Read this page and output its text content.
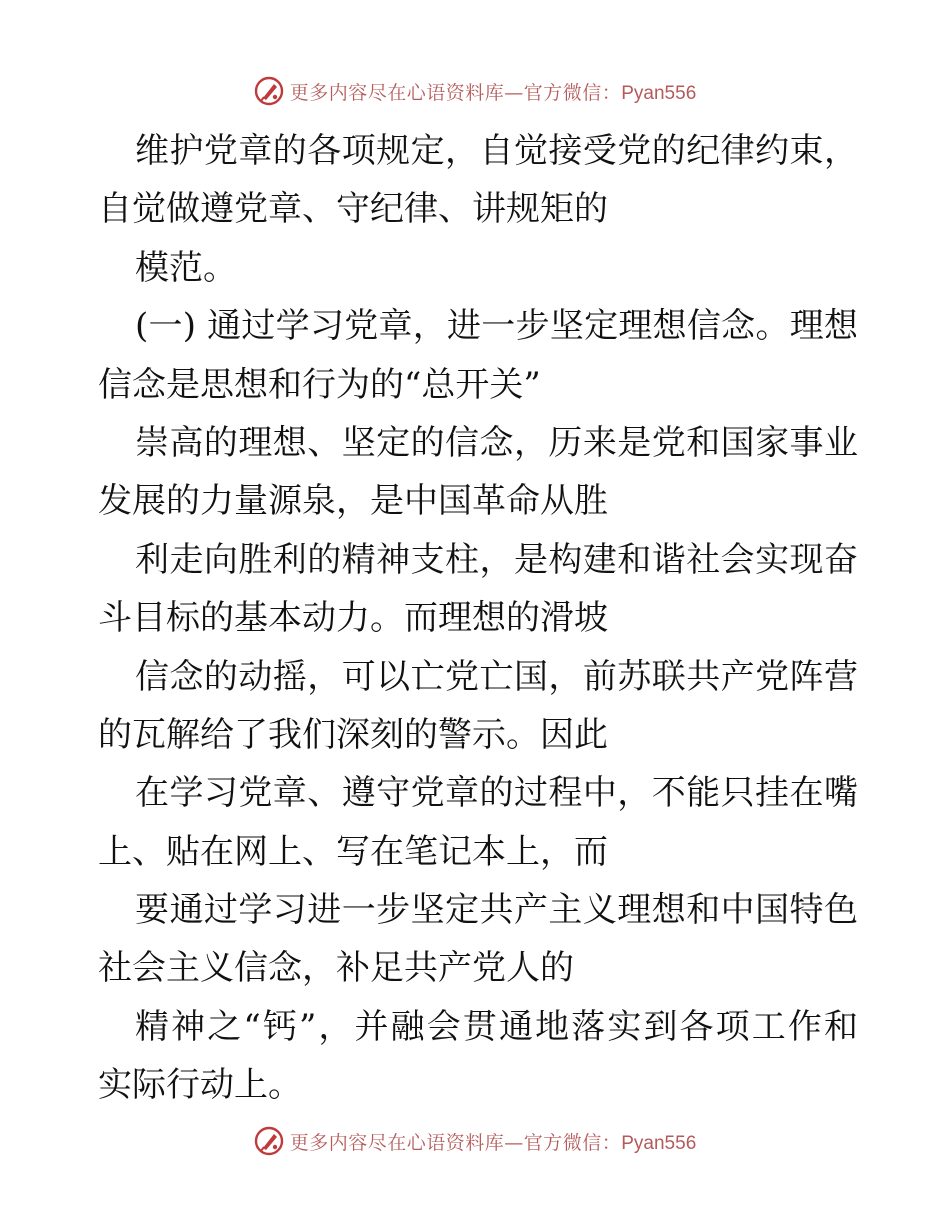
更多内容尽在心语资料库—官方微信：Pyan556
维护党章的各项规定，自觉接受党的纪律约束，
自觉做遵党章、守纪律、讲规矩的
模范。
(一) 通过学习党章，进一步坚定理想信念。理想
信念是思想和行为的“总开关”
崇高的理想、坚定的信念，历来是党和国家事业
发展的力量源泉，是中国革命从胜
利走向胜利的精神支柱，是构建和谐社会实现奋
斗目标的基本动力。而理想的滑坡
信念的动摇，可以亡党亡国，前苏联共产党阵营
的瓦解给了我们深刻的警示。因此
在学习党章、遵守党章的过程中，不能只挂在嘴
上、贴在网上、写在笔记本上，而
要通过学习进一步坚定共产主义理想和中国特色
社会主义信念，补足共产党人的
精神之“钙”，并融会贯通地落实到各项工作和
实际行动上。
更多内容尽在心语资料库—官方微信：Pyan556
